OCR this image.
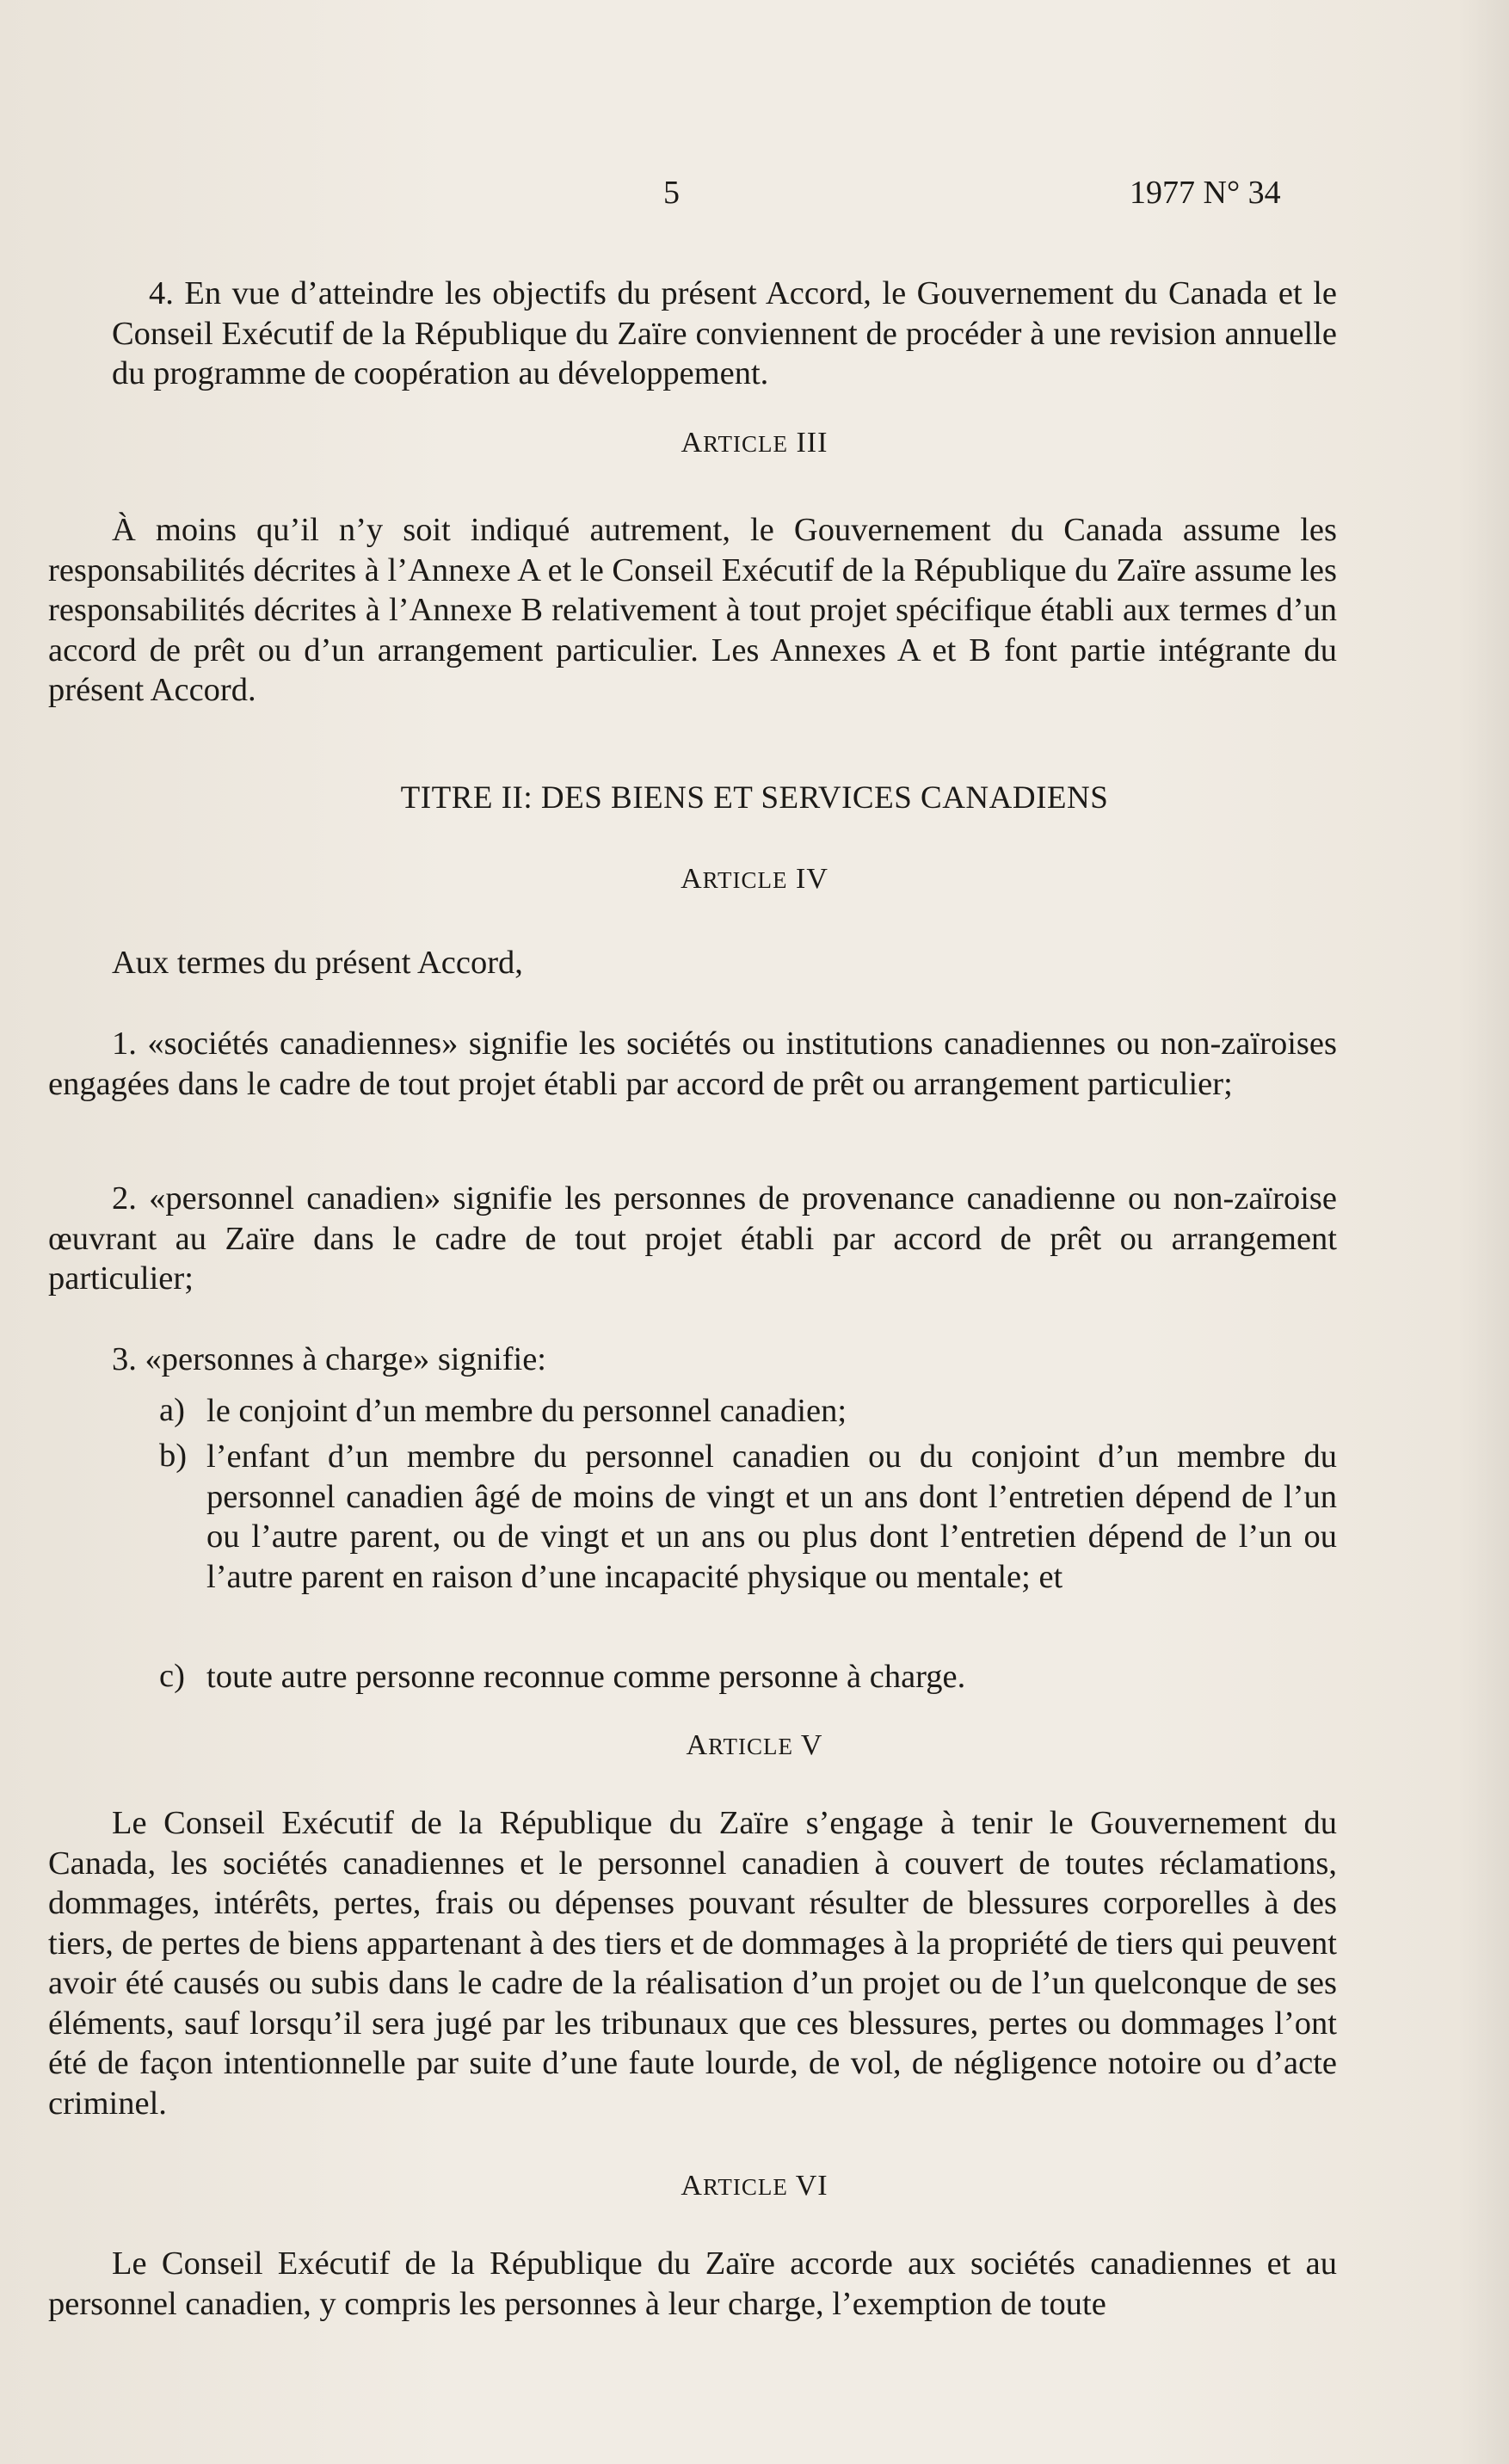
5	1977 N° 34

4. En vue d’atteindre les objectifs du présent Accord, le Gouvernement du Canada et le Conseil Exécutif de la République du Zaïre conviennent de procéder à une revision annuelle du programme de coopération au développement.

ARTICLE III

À moins qu’il n’y soit indiqué autrement, le Gouvernement du Canada assume les responsabilités décrites à l’Annexe A et le Conseil Exécutif de la République du Zaïre assume les responsabilités décrites à l’Annexe B relativement à tout projet spécifique établi aux termes d’un accord de prêt ou d’un arrangement particulier. Les Annexes A et B font partie intégrante du présent Accord.

TITRE II: DES BIENS ET SERVICES CANADIENS

ARTICLE IV

Aux termes du présent Accord,

1. «sociétés canadiennes» signifie les sociétés ou institutions canadiennes ou non-zaïroises engagées dans le cadre de tout projet établi par accord de prêt ou arrangement particulier;

2. «personnel canadien» signifie les personnes de provenance canadienne ou non-zaïroise œuvrant au Zaïre dans le cadre de tout projet établi par accord de prêt ou arrangement particulier;

3. «personnes à charge» signifie:

a) le conjoint d’un membre du personnel canadien;

b) l’enfant d’un membre du personnel canadien ou du conjoint d’un membre du personnel canadien âgé de moins de vingt et un ans dont l’entretien dépend de l’un ou l’autre parent, ou de vingt et un ans ou plus dont l’entretien dépend de l’un ou l’autre parent en raison d’une incapacité physique ou mentale; et

c) toute autre personne reconnue comme personne à charge.

ARTICLE V

Le Conseil Exécutif de la République du Zaïre s’engage à tenir le Gouvernement du Canada, les sociétés canadiennes et le personnel canadien à couvert de toutes réclamations, dommages, intérêts, pertes, frais ou dépenses pouvant résulter de blessures corporelles à des tiers, de pertes de biens appartenant à des tiers et de dommages à la propriété de tiers qui peuvent avoir été causés ou subis dans le cadre de la réalisation d’un projet ou de l’un quelconque de ses éléments, sauf lorsqu’il sera jugé par les tribunaux que ces blessures, pertes ou dommages l’ont été de façon intentionnelle par suite d’une faute lourde, de vol, de négligence notoire ou d’acte criminel.

ARTICLE VI

Le Conseil Exécutif de la République du Zaïre accorde aux sociétés canadiennes et au personnel canadien, y compris les personnes à leur charge, l’exemption de toute
